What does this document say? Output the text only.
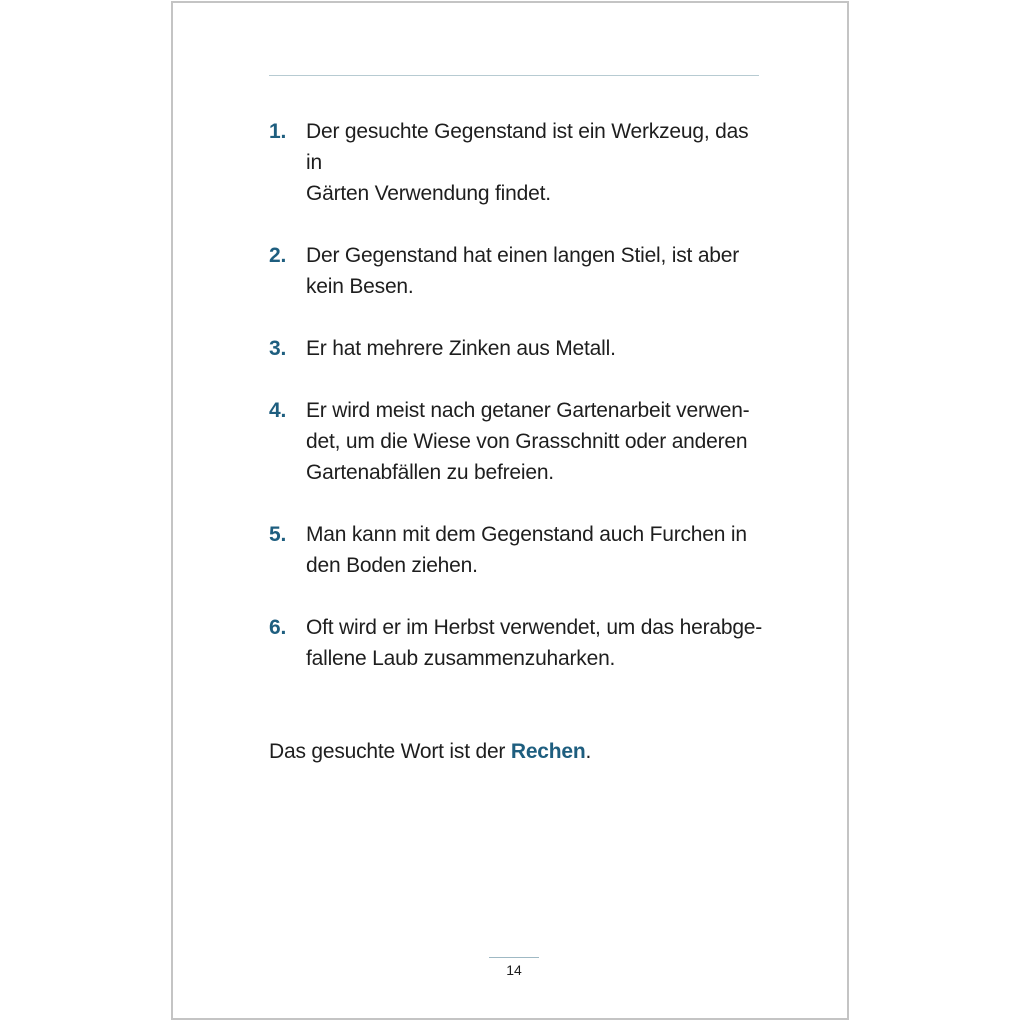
1. Der gesuchte Gegenstand ist ein Werkzeug, das in
Gärten Verwendung findet.
2. Der Gegenstand hat einen langen Stiel, ist aber
kein Besen.
3. Er hat mehrere Zinken aus Metall.
4. Er wird meist nach getaner Gartenarbeit verwen-
det, um die Wiese von Grasschnitt oder anderen
Gartenabfällen zu befreien.
5. Man kann mit dem Gegenstand auch Furchen in
den Boden ziehen.
6. Oft wird er im Herbst verwendet, um das herabge-
fallene Laub zusammenzuharken.

Das gesuchte Wort ist der Rechen.

14
